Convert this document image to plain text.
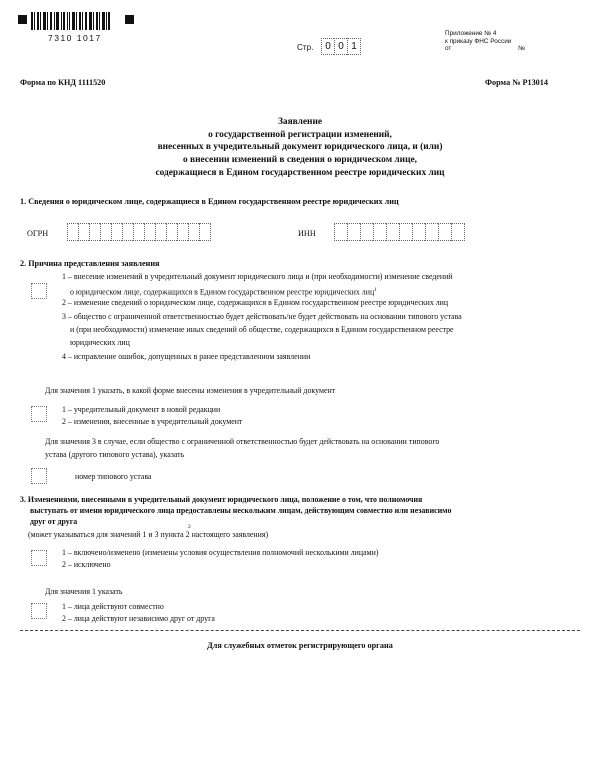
7310 1017
Стр.	0 0 1
Приложение № 4
к приказу ФНС России
от	№
Форма по КНД 1111520	Форма № Р13014
Заявление
о государственной регистрации изменений,
внесенных в учредительный документ юридического лица, и (или)
о внесении изменений в сведения о юридическом лице,
содержащиеся в Едином государственном реестре юридических лиц
1. Сведения о юридическом лице, содержащиеся в Едином государственном реестре юридических лиц
ОГРН	ИНН
2. Причина представления заявления
1 – внесение изменений в учредительный документ юридического лица и (при необходимости) изменение сведений
о юридическом лице, содержащихся в Едином государственном реестре юридических лиц$^1$
2 – изменение сведений о юридическом лице, содержащихся в Едином государственном реестре юридических лиц
3 – общество с ограниченной ответственностью будет действовать/не будет действовать на основании типового устава
и (при необходимости) изменение иных сведений об обществе, содержащихся в Едином государственном реестре
юридических лиц
4 – исправление ошибок, допущенных в ранее представленном заявлении
Для значения 1 указать, в какой форме внесены изменения в учредительный документ
1 – учредительный документ в новой редакции
2 – изменения, внесенные в учредительный документ
Для значения 3 в случае, если общество с ограниченной ответственностью будет действовать на основании типового
устава (другого типового устава), указать
номер типового устава
3. Изменениями, внесенными в учредительный документ юридического лица, положение о том, что полномочия
выступать от имени юридического лица предоставлены нескольким лицам, действующим совместно или независимо
друг от друга
(может указываться для значений 1 и 3 пункта 2 настоящего заявления)
2
1 – включено/изменено (изменены условия осуществления полномочий несколькими лицами)
2 – исключено
Для значения 1 указать
1 – лица действуют совместно
2 – лица действуют независимо друг от друга
Для служебных отметок регистрирующего органа
